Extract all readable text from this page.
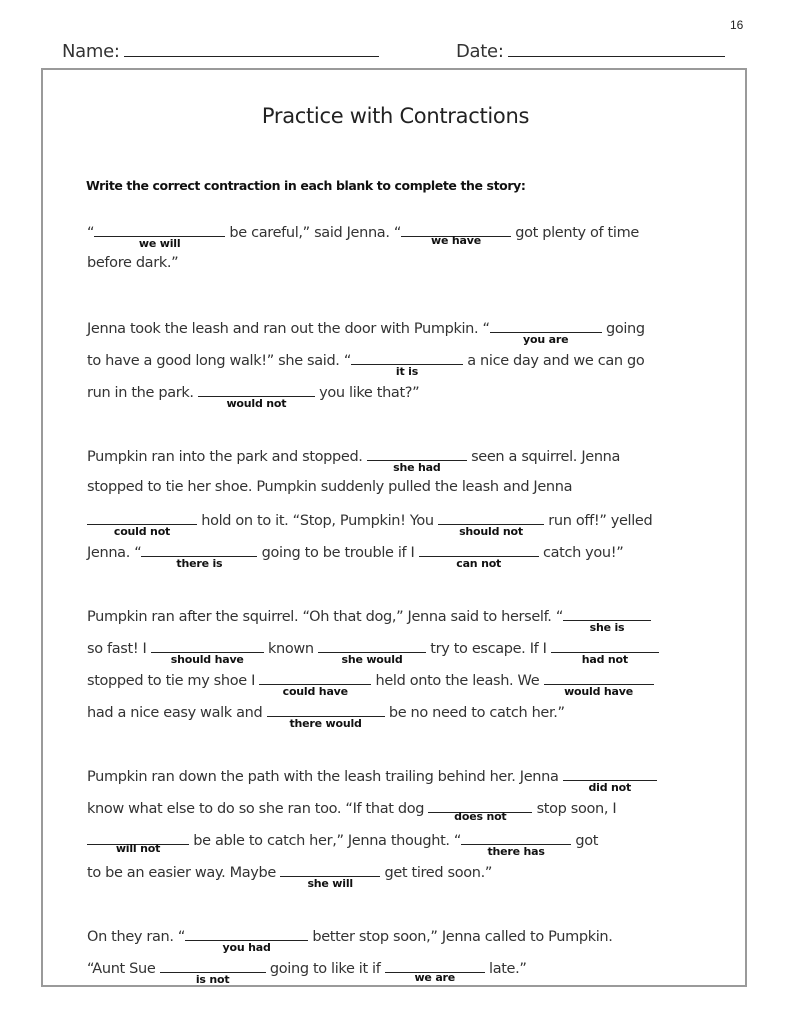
16
Name:	Date:
Practice with Contractions
Write the correct contraction in each blank to complete the story:
“
we will
be careful,” said Jenna. “	we have	got plenty of time
before dark.”
Jenna took the leash and ran out the door with Pumpkin. “
you are
going
to have a good long walk!” she said. “
it is
a nice day and we can go
run in the park.
would not
you like that?”
Pumpkin ran into the park and stopped.
she had
seen a squirrel. Jenna
stopped to tie her shoe. Pumpkin suddenly pulled the leash and Jenna
could not
hold on to it. “Stop, Pumpkin! You
should not
run off!” yelled
Jenna. “
there is
going to be trouble if I
can not
catch you!”
Pumpkin ran after the squirrel. “Oh that dog,” Jenna said to herself. “
she is
so fast! I
should have
known
she would
try to escape. If I
had not
stopped to tie my shoe I
could have
held onto the leash. We
would have
had a nice easy walk and
there would
be no need to catch her.”
Pumpkin ran down the path with the leash trailing behind her. Jenna
did not
know what else to do so she ran too. “If that dog	does not	stop soon, I
will not	be able to catch her,” Jenna thought. “
there has
got
to be an easier way. Maybe
she will
get tired soon.”
On they ran. “
you had
better stop soon,” Jenna called to Pumpkin.
“Aunt Sue
is not
going to like it if
we are
late.”
